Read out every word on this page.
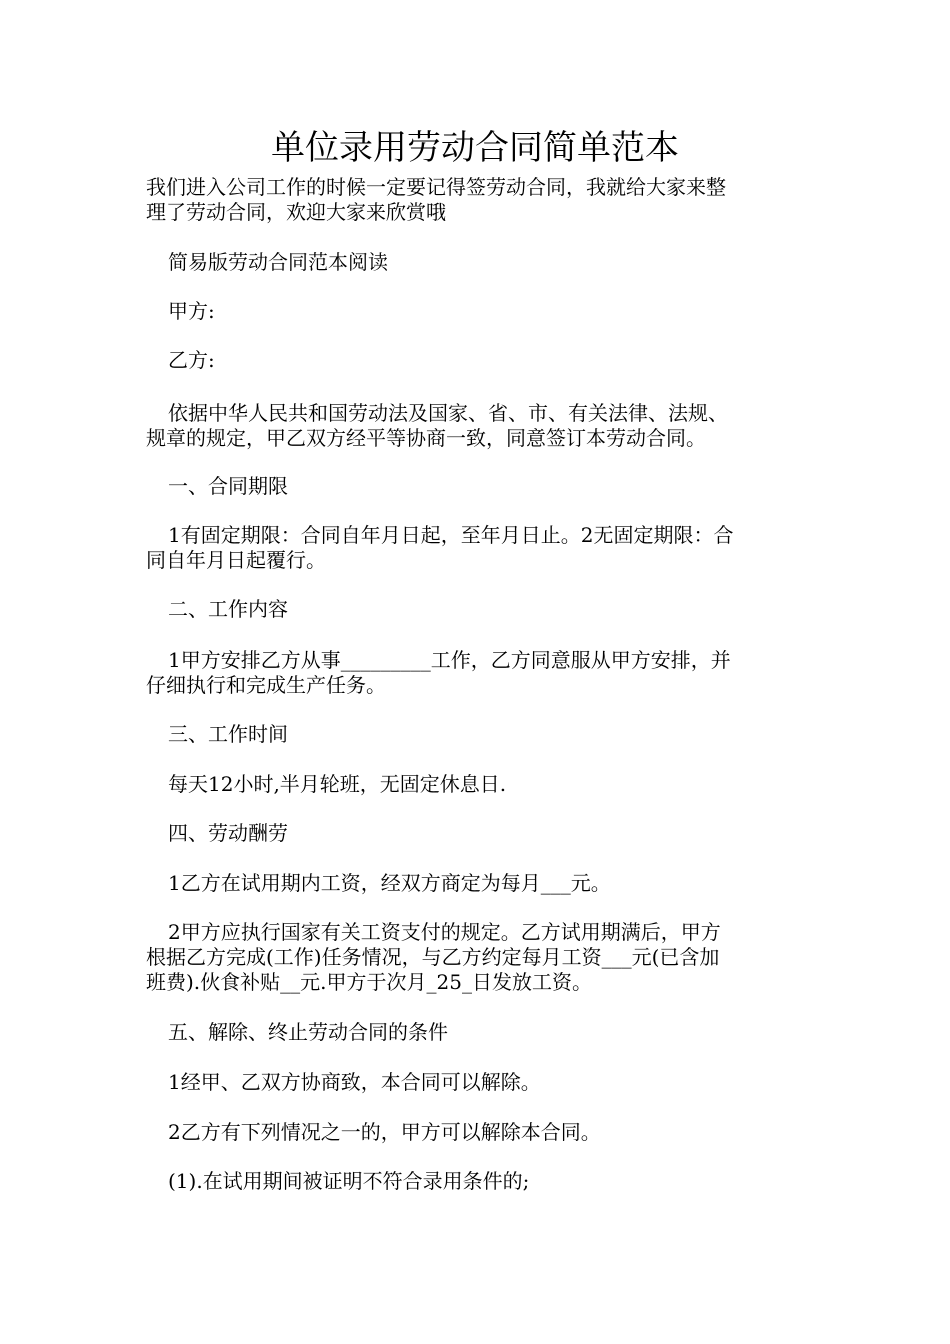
单位录用劳动合同简单范本
我们进入公司工作的时候一定要记得签劳动合同，我就给大家来整
理了劳动合同，欢迎大家来欣赏哦
简易版劳动合同范本阅读
甲方:
乙方:
依据中华人民共和国劳动法及国家、省、市、有关法律、法规、
规章的规定，甲乙双方经平等协商一致，同意签订本劳动合同。
一、合同期限
1有固定期限：合同自年月日起，至年月日止。2无固定期限：合
同自年月日起覆行。
二、工作内容
1甲方安排乙方从事_________工作，乙方同意服从甲方安排，并
仔细执行和完成生产任务。
三、工作时间
每天12小时,半月轮班，无固定休息日.
四、劳动酬劳
1乙方在试用期内工资，经双方商定为每月___元。
2甲方应执行国家有关工资支付的规定。乙方试用期满后，甲方
根据乙方完成(工作)任务情况，与乙方约定每月工资___元(已含加
班费).伙食补贴__元.甲方于次月_25_日发放工资。
五、解除、终止劳动合同的条件
1经甲、乙双方协商致，本合同可以解除。
2乙方有下列情况之一的，甲方可以解除本合同。
(1).在试用期间被证明不符合录用条件的;
